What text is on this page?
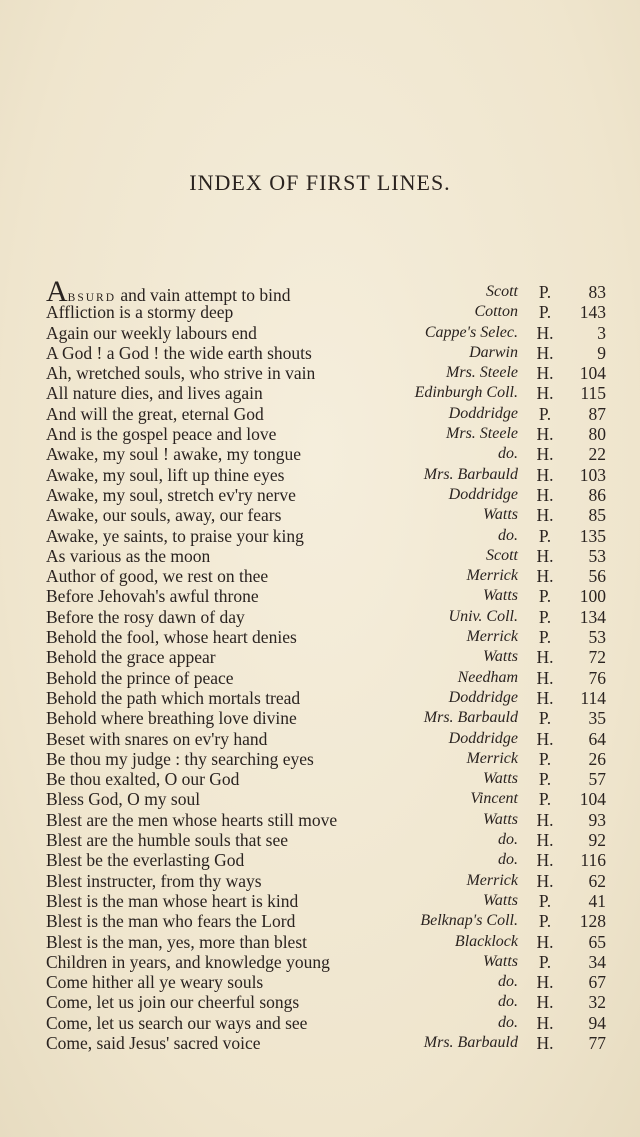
INDEX OF FIRST LINES.
ABSURD and vain attempt to bind	Scott P.	83
Affliction is a stormy deep	Cotton P.	143
Again our weekly labours end	Cappe's Selec. H.	3
A God ! a God ! the wide earth shouts	Darwin H.	9
Ah, wretched souls, who strive in vain	Mrs. Steele H.	104
All nature dies, and lives again	Edinburgh Coll. H.	115
And will the great, eternal God	Doddridge P.	87
And is the gospel peace and love	Mrs. Steele H.	80
Awake, my soul ! awake, my tongue	do. H.	22
Awake, my soul, lift up thine eyes	Mrs. Barbauld H.	103
Awake, my soul, stretch ev'ry nerve	Doddridge H.	86
Awake, our souls, away, our fears	Watts H.	85
Awake, ye saints, to praise your king	do. P.	135
As various as the moon	Scott H.	53
Author of good, we rest on thee	Merrick H.	56
Before Jehovah's awful throne	Watts P.	100
Before the rosy dawn of day	Univ. Coll. P.	134
Behold the fool, whose heart denies	Merrick P.	53
Behold the grace appear	Watts H.	72
Behold the prince of peace	Needham H.	76
Behold the path which mortals tread	Doddridge H.	114
Behold where breathing love divine	Mrs. Barbauld P.	35
Beset with snares on ev'ry hand	Doddridge H.	64
Be thou my judge : thy searching eyes	Merrick P.	26
Be thou exalted, O our God	Watts P.	57
Bless God, O my soul	Vincent P.	104
Blest are the men whose hearts still move	Watts H.	93
Blest are the humble souls that see	do. H.	92
Blest be the everlasting God	do. H.	116
Blest instructer, from thy ways	Merrick H.	62
Blest is the man whose heart is kind	Watts P.	41
Blest is the man who fears the Lord	Belknap's Coll. P.	128
Blest is the man, yes, more than blest	Blacklock H.	65
Children in years, and knowledge young	Watts P.	34
Come hither all ye weary souls	do. H.	67
Come, let us join our cheerful songs	do. H.	32
Come, let us search our ways and see	do. H.	94
Come, said Jesus' sacred voice	Mrs. Barbauld H.	77
